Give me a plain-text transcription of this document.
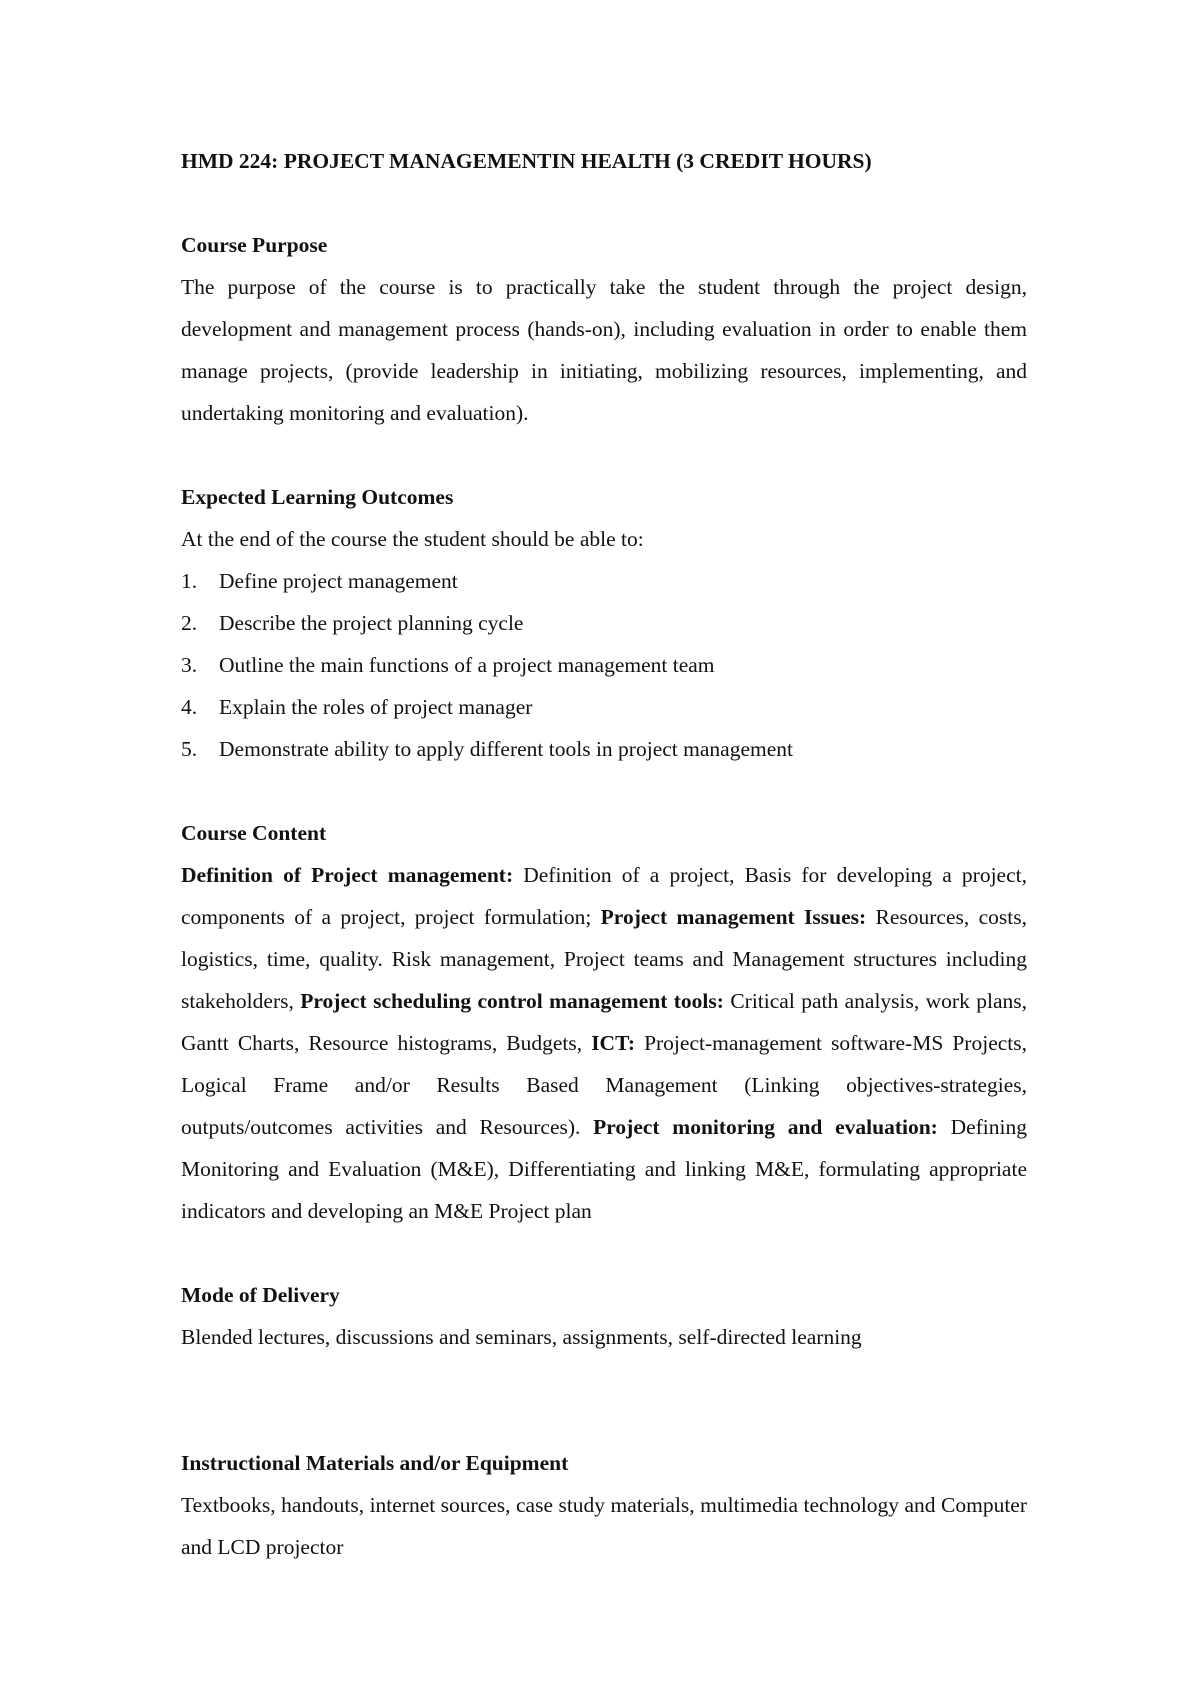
HMD 224: PROJECT MANAGEMENTIN HEALTH (3 CREDIT HOURS)

Course Purpose

The purpose of the course is to practically take the student through the project design, development and management process (hands-on), including evaluation in order to enable them manage projects, (provide leadership in initiating, mobilizing resources, implementing, and undertaking monitoring and evaluation).

Expected Learning Outcomes

At the end of the course the student should be able to:

1.	Define project management
2.	Describe the project planning cycle
3.	Outline the main functions of a project management team
4.	Explain the roles of project manager
5.	Demonstrate ability to apply different tools in project management

Course Content

Definition of Project management: Definition of a project, Basis for developing a project, components of a project, project formulation; Project management Issues: Resources, costs, logistics, time, quality. Risk management, Project teams and Management structures including stakeholders, Project scheduling control management tools: Critical path analysis, work plans, Gantt Charts, Resource histograms, Budgets, ICT: Project-management software-MS Projects, Logical Frame and/or Results Based Management (Linking objectives-strategies, outputs/outcomes activities and Resources). Project monitoring and evaluation: Defining Monitoring and Evaluation (M&E), Differentiating and linking M&E, formulating appropriate indicators and developing an M&E Project plan

Mode of Delivery

Blended lectures, discussions and seminars, assignments, self-directed learning

Instructional Materials and/or Equipment

Textbooks, handouts, internet sources, case study materials, multimedia technology and Computer and LCD projector
